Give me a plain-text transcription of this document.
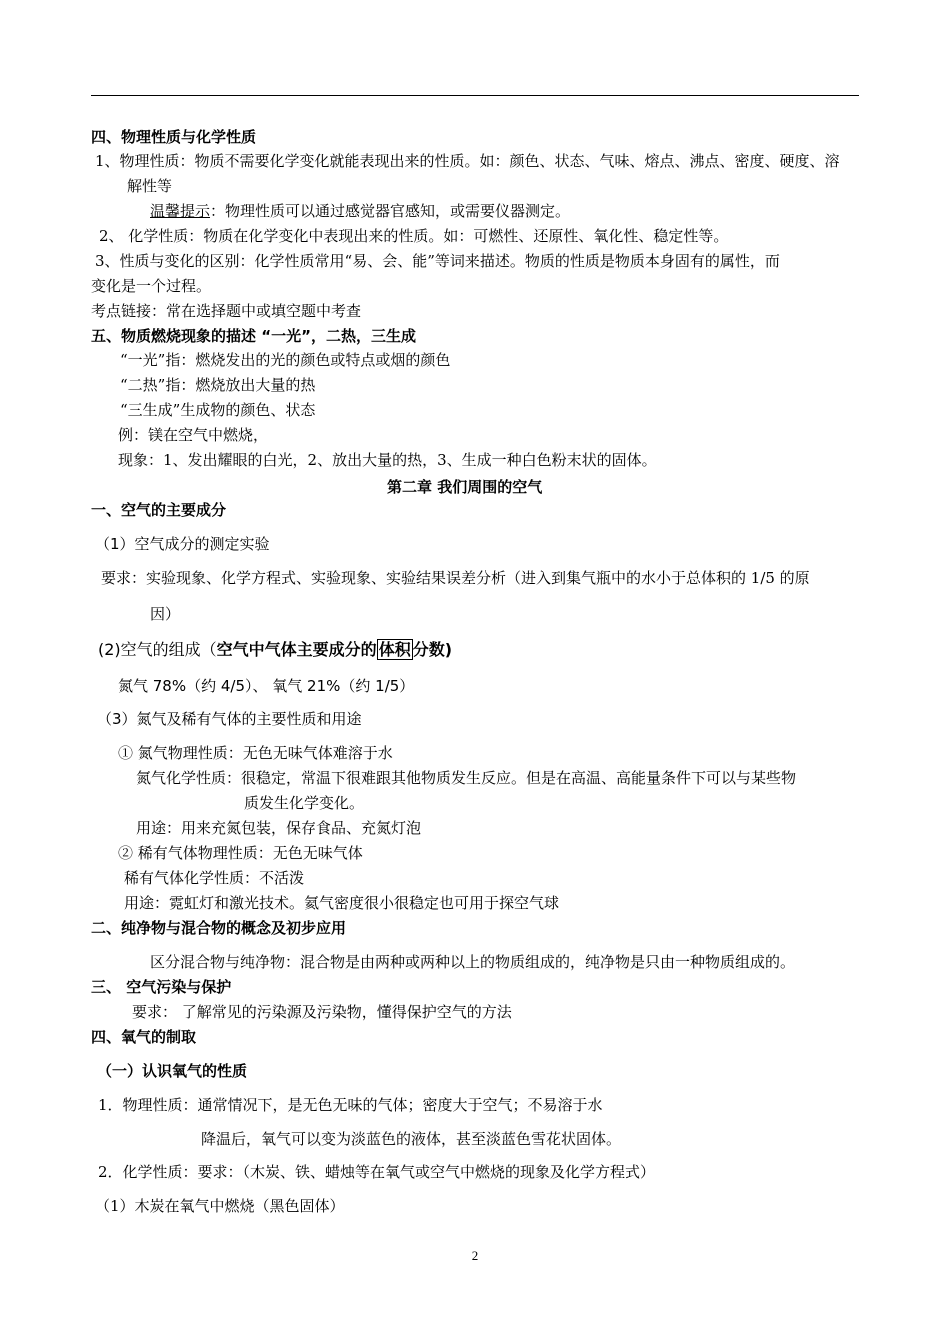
四、物理性质与化学性质
1、物理性质：物质不需要化学变化就能表现出来的性质。如：颜色、状态、气味、熔点、沸点、密度、硬度、溶
解性等
温馨提示：物理性质可以通过感觉器官感知，或需要仪器测定。
2、 化学性质：物质在化学变化中表现出来的性质。如：可燃性、还原性、氧化性、稳定性等。
3、性质与变化的区别：化学性质常用“易、会、能”等词来描述。物质的性质是物质本身固有的属性，而
变化是一个过程。
考点链接：常在选择题中或填空题中考查
五、物质燃烧现象的描述 “一光”，二热，三生成
“一光”指：燃烧发出的光的颜色或特点或烟的颜色
“二热”指：燃烧放出大量的热
“三生成”生成物的颜色、状态
例：镁在空气中燃烧，
现象：1、发出耀眼的白光，2、放出大量的热，3、生成一种白色粉末状的固体。
第二章 我们周围的空气
一、空气的主要成分
（1）空气成分的测定实验
要求：实验现象、化学方程式、实验现象、实验结果误差分析（进入到集气瓶中的水小于总体积的 1/5 的原
因）
(2)空气的组成（空气中气体主要成分的 体积 分数)
氮气 78%（约 4/5）、 氧气 21%（约 1/5）
（3）氮气及稀有气体的主要性质和用途
① 氮气物理性质：无色无味气体难溶于水
氮气化学性质：很稳定，常温下很难跟其他物质发生反应。但是在高温、高能量条件下可以与某些物
质发生化学变化。
用途：用来充氮包装，保存食品、充氮灯泡
② 稀有气体物理性质：无色无味气体
稀有气体化学性质：不活泼
用途：霓虹灯和激光技术。氦气密度很小很稳定也可用于探空气球
二、纯净物与混合物的概念及初步应用
区分混合物与纯净物：混合物是由两种或两种以上的物质组成的，纯净物是只由一种物质组成的。
三、 空气污染与保护
要求： 了解常见的污染源及污染物，懂得保护空气的方法
四、氧气的制取
（一）认识氧气的性质
1．物理性质：通常情况下，是无色无味的气体；密度大于空气；不易溶于水
降温后，氧气可以变为淡蓝色的液体，甚至淡蓝色雪花状固体。
2．化学性质：要求：（木炭、铁、蜡烛等在氧气或空气中燃烧的现象及化学方程式）
（1）木炭在氧气中燃烧（黑色固体）
2
